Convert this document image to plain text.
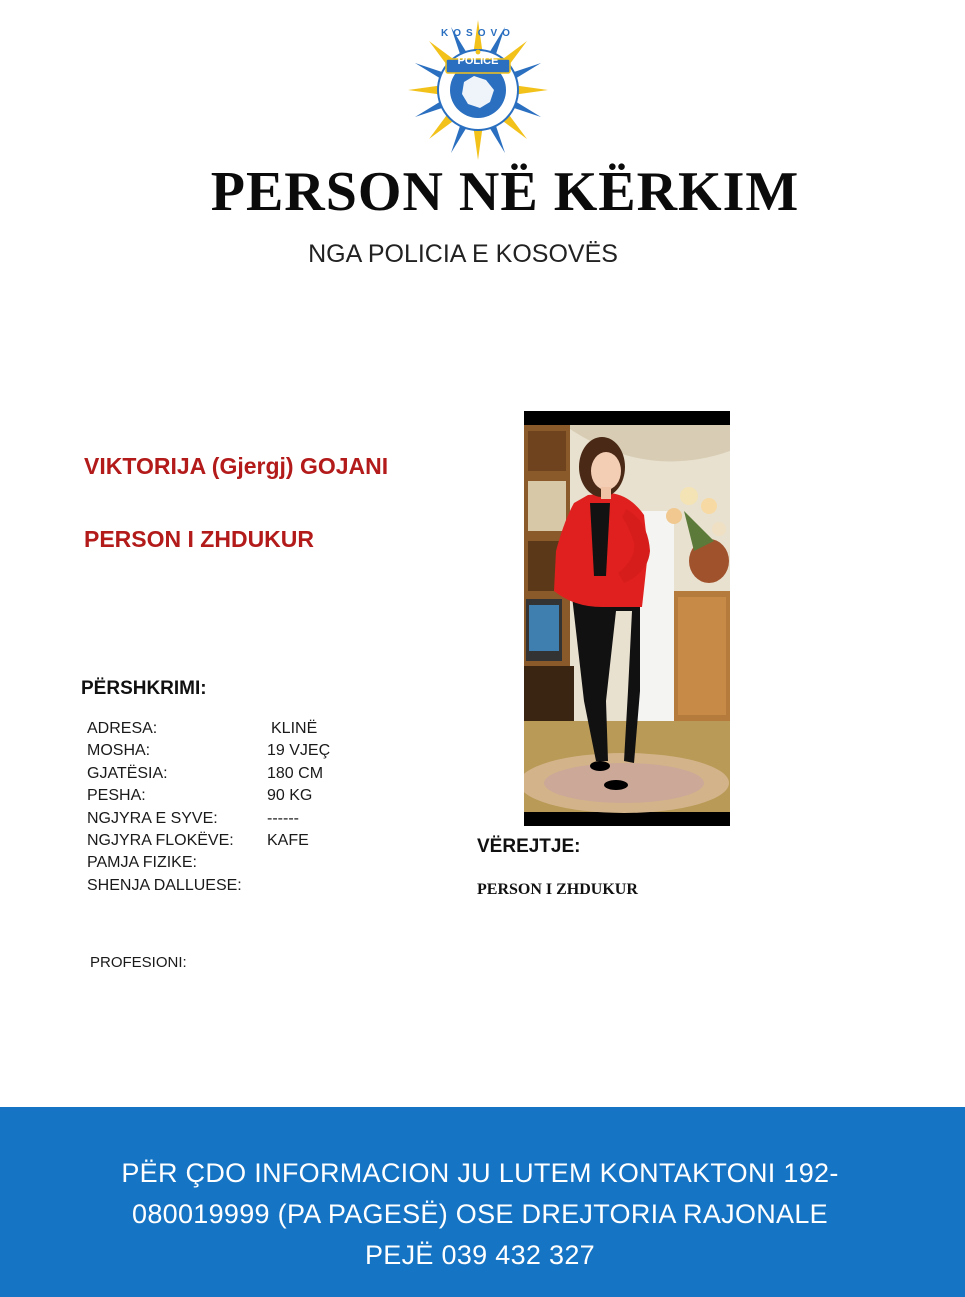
POLICE
KOSOVO
PERSON NË KËRKIM
NGA POLICIA E KOSOVËS
VIKTORIJA (Gjergj) GOJANI
PERSON I ZHDUKUR
PËRSHKRIMI:
ADRESA:	KLINË
MOSHA:	19 VJEÇ
GJATËSIA:	180 CM
PESHA:	90 KG
NGJYRA E SYVE:	------
NGJYRA FLOKËVE: KAFE
PAMJA FIZIKE:
SHENJA DALLUESE:
PROFESIONI:
VËREJTJE:
PERSON I ZHDUKUR
PËR ÇDO INFORMACION JU LUTEM KONTAKTONI 192-
080019999 (PA PAGESË) OSE DREJTORIA RAJONALE
PEJË 039 432 327
